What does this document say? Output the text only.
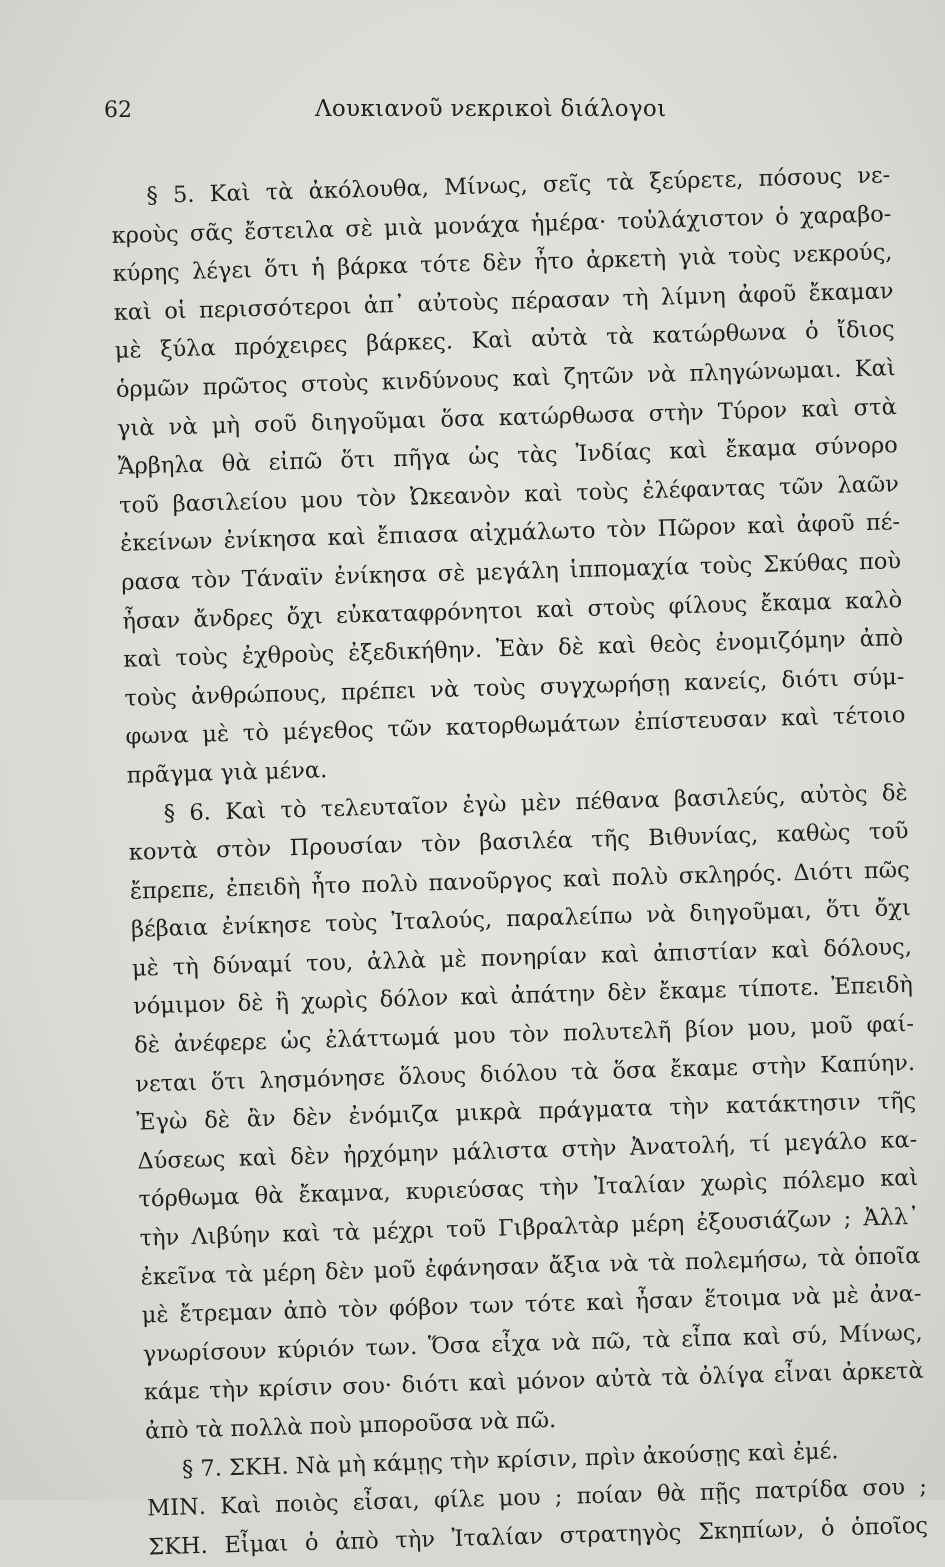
62	Λουκιανοῦ νεκρικοὶ διάλογοι
§ 5. Καὶ τὰ ἀκόλουθα, Μίνως, σεῖς τὰ ξεύρετε, πόσους νε-
κροὺς σᾶς ἔστειλα σὲ μιὰ μονάχα ἡμέρα· τοὐλάχιστον ὁ χαραβο-
κύρης λέγει ὅτι ἡ βάρκα τότε δὲν ἦτο ἀρκετὴ γιὰ τοὺς νεκρούς,
καὶ οἱ περισσότεροι ἀπ᾽ αὐτοὺς πέρασαν τὴ λίμνη ἀφοῦ ἔκαμαν
μὲ ξύλα πρόχειρες βάρκες. Καὶ αὐτὰ τὰ κατώρθωνα ὁ ἴδιος
ὁρμῶν πρῶτος στοὺς κινδύνους καὶ ζητῶν νὰ πληγώνωμαι. Καὶ
γιὰ νὰ μὴ σοῦ διηγοῦμαι ὅσα κατώρθωσα στὴν Τύρον καὶ στὰ
Ἄρβηλα θὰ εἰπῶ ὅτι πῆγα ὡς τὰς Ἰνδίας καὶ ἔκαμα σύνορο
τοῦ βασιλείου μου τὸν Ὠκεανὸν καὶ τοὺς ἐλέφαντας τῶν λαῶν
ἐκείνων ἐνίκησα καὶ ἔπιασα αἰχμάλωτο τὸν Πῶρον καὶ ἀφοῦ πέ-
ρασα τὸν Τάναϊν ἐνίκησα σὲ μεγάλη ἱππομαχία τοὺς Σκύθας ποὺ
ἦσαν ἄνδρες ὄχι εὐκαταφρόνητοι καὶ στοὺς φίλους ἔκαμα καλὸ
καὶ τοὺς ἐχθροὺς ἐξεδικήθην. Ἐὰν δὲ καὶ θεὸς ἐνομιζόμην ἀπὸ
τοὺς ἀνθρώπους, πρέπει νὰ τοὺς συγχωρήσῃ κανείς, διότι σύμ-
φωνα μὲ τὸ μέγεθος τῶν κατορθωμάτων ἐπίστευσαν καὶ τέτοιο
πρᾶγμα γιὰ μένα.
§ 6. Καὶ τὸ τελευταῖον ἐγὼ μὲν πέθανα βασιλεύς, αὐτὸς δὲ
κοντὰ στὸν Προυσίαν τὸν βασιλέα τῆς Βιθυνίας, καθὼς τοῦ
ἔπρεπε, ἐπειδὴ ἦτο πολὺ πανοῦργος καὶ πολὺ σκληρός. Διότι πῶς
βέβαια ἐνίκησε τοὺς Ἰταλούς, παραλείπω νὰ διηγοῦμαι, ὅτι ὄχι
μὲ τὴ δύναμί του, ἀλλὰ μὲ πονηρίαν καὶ ἀπιστίαν καὶ δόλους,
νόμιμον δὲ ἢ χωρὶς δόλον καὶ ἀπάτην δὲν ἔκαμε τίποτε. Ἐπειδὴ
δὲ ἀνέφερε ὡς ἐλάττωμά μου τὸν πολυτελῆ βίον μου, μοῦ φαί-
νεται ὅτι λησμόνησε ὅλους διόλου τὰ ὅσα ἔκαμε στὴν Καπύην.
Ἐγὼ δὲ ἂν δὲν ἐνόμιζα μικρὰ πράγματα τὴν κατάκτησιν τῆς
Δύσεως καὶ δὲν ἠρχόμην μάλιστα στὴν Ἀνατολή, τί μεγάλο κα-
τόρθωμα θὰ ἔκαμνα, κυριεύσας τὴν Ἰταλίαν χωρὶς πόλεμο καὶ
τὴν Λιβύην καὶ τὰ μέχρι τοῦ Γιβραλτὰρ μέρη ἐξουσιάζων ; Ἀλλ᾽
ἐκεῖνα τὰ μέρη δὲν μοῦ ἐφάνησαν ἄξια νὰ τὰ πολεμήσω, τὰ ὁποῖα
μὲ ἔτρεμαν ἀπὸ τὸν φόβον των τότε καὶ ἦσαν ἕτοιμα νὰ μὲ ἀνα-
γνωρίσουν κύριόν των. Ὅσα εἶχα νὰ πῶ, τὰ εἶπα καὶ σύ, Μίνως,
κάμε τὴν κρίσιν σου· διότι καὶ μόνον αὐτὰ τὰ ὀλίγα εἶναι ἀρκετὰ
ἀπὸ τὰ πολλὰ ποὺ μποροῦσα νὰ πῶ.
§ 7. ΣΚΗ. Νὰ μὴ κάμῃς τὴν κρίσιν, πρὶν ἀκούσῃς καὶ ἐμέ.
ΜΙΝ. Καὶ ποιὸς εἶσαι, φίλε μου ; ποίαν θὰ πῇς πατρίδα σου ;
ΣΚΗ. Εἶμαι ὁ ἀπὸ τὴν Ἰταλίαν στρατηγὸς Σκηπίων, ὁ ὁποῖος
